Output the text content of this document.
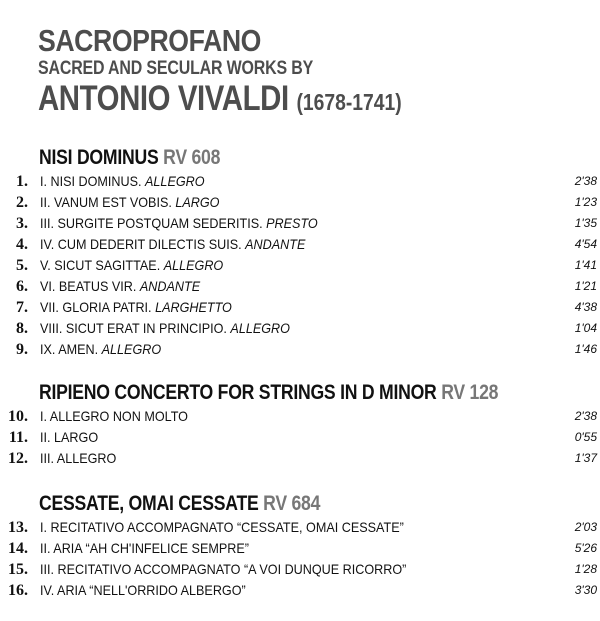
SACROPROFANO
SACRED AND SECULAR WORKS BY
ANTONIO VIVALDI (1678-1741)
NISI DOMINUS RV 608
1. I. NISI DOMINUS. ALLEGRO	2'38
2. II. VANUM EST VOBIS. LARGO	1'23
3. III. SURGITE POSTQUAM SEDERITIS. PRESTO	1'35
4. IV. CUM DEDERIT DILECTIS SUIS. ANDANTE	4'54
5. V. SICUT SAGITTAE. ALLEGRO	1'41
6. VI. BEATUS VIR. ANDANTE	1'21
7. VII. GLORIA PATRI. LARGHETTO	4'38
8. VIII. SICUT ERAT IN PRINCIPIO. ALLEGRO	1'04
9. IX. AMEN. ALLEGRO	1'46
RIPIENO CONCERTO FOR STRINGS IN D MINOR RV 128
10. I. ALLEGRO NON MOLTO	2'38
11. II. LARGO	0'55
12. III. ALLEGRO	1'37
CESSATE, OMAI CESSATE RV 684
13. I. RECITATIVO ACCOMPAGNATO “CESSATE, OMAI CESSATE”	2'03
14. II. ARIA “AH CH'INFELICE SEMPRE”	5'26
15. III. RECITATIVO ACCOMPAGNATO “A VOI DUNQUE RICORRO”	1'28
16. IV. ARIA “NELL'ORRIDO ALBERGO”	3'30
